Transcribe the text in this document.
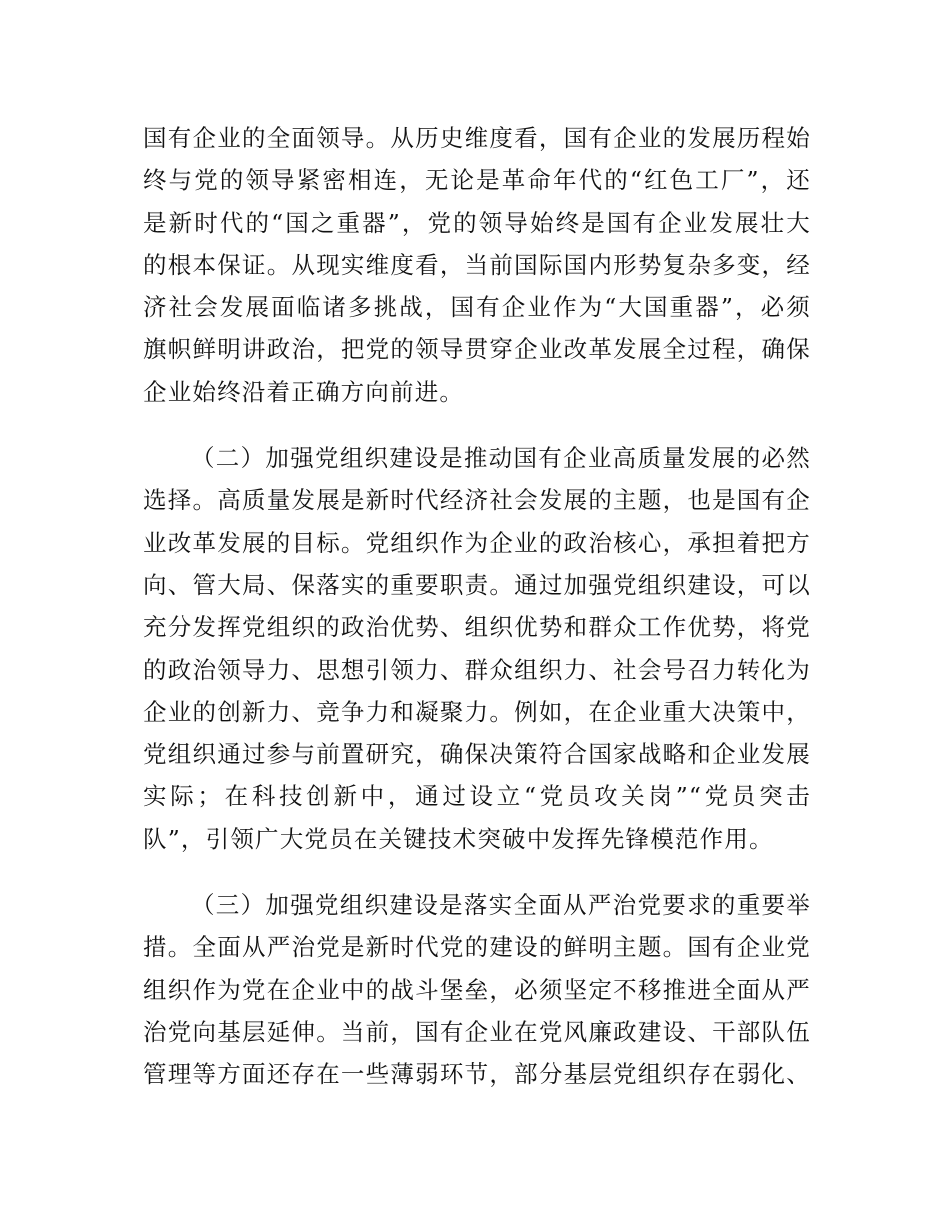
国有企业的全面领导。从历史维度看，国有企业的发展历程始
终与党的领导紧密相连，无论是革命年代的“红色工厂”，还
是新时代的“国之重器”，党的领导始终是国有企业发展壮大
的根本保证。从现实维度看，当前国际国内形势复杂多变，经
济社会发展面临诸多挑战，国有企业作为“大国重器”，必须
旗帜鲜明讲政治，把党的领导贯穿企业改革发展全过程，确保
企业始终沿着正确方向前进。
（二）加强党组织建设是推动国有企业高质量发展的必然
选择。高质量发展是新时代经济社会发展的主题，也是国有企
业改革发展的目标。党组织作为企业的政治核心，承担着把方
向、管大局、保落实的重要职责。通过加强党组织建设，可以
充分发挥党组织的政治优势、组织优势和群众工作优势，将党
的政治领导力、思想引领力、群众组织力、社会号召力转化为
企业的创新力、竞争力和凝聚力。例如，在企业重大决策中，
党组织通过参与前置研究，确保决策符合国家战略和企业发展
实际；在科技创新中，通过设立“党员攻关岗”“党员突击
队”，引领广大党员在关键技术突破中发挥先锋模范作用。
（三）加强党组织建设是落实全面从严治党要求的重要举
措。全面从严治党是新时代党的建设的鲜明主题。国有企业党
组织作为党在企业中的战斗堡垒，必须坚定不移推进全面从严
治党向基层延伸。当前，国有企业在党风廉政建设、干部队伍
管理等方面还存在一些薄弱环节，部分基层党组织存在弱化、
